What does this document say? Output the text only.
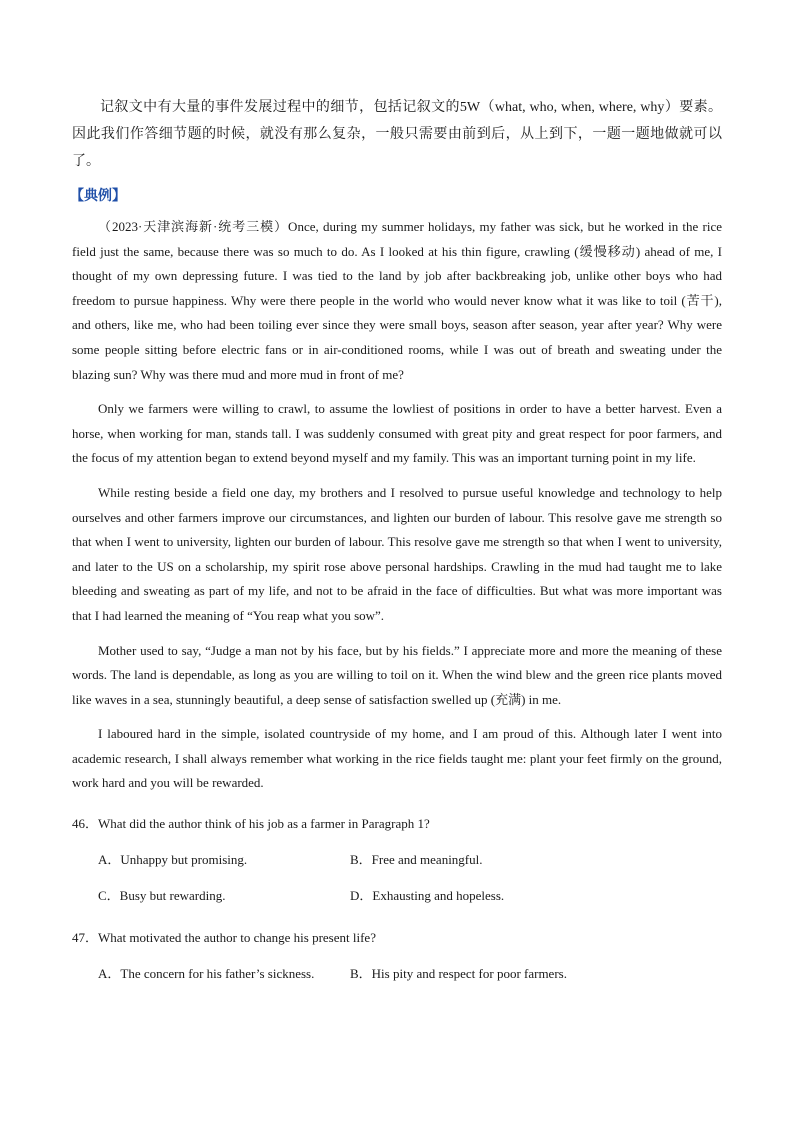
记叙文中有大量的事件发展过程中的细节，包括记叙文的5W（what, who, when, where, why）要素。因此我们作答细节题的时候，就没有那么复杂，一般只需要由前到后，从上到下，一题一题地做就可以了。

【典例】

（2023·天津滨海新·统考三模）Once, during my summer holidays, my father was sick, but he worked in the rice field just the same, because there was so much to do. As I looked at his thin figure, crawling (缓慢移动) ahead of me, I thought of my own depressing future. I was tied to the land by job after backbreaking job, unlike other boys who had freedom to pursue happiness. Why were there people in the world who would never know what it was like to toil (苦干), and others, like me, who had been toiling ever since they were small boys, season after season, year after year? Why were some people sitting before electric fans or in air-conditioned rooms, while I was out of breath and sweating under the blazing sun? Why was there mud and more mud in front of me?

Only we farmers were willing to crawl, to assume the lowliest of positions in order to have a better harvest. Even a horse, when working for man, stands tall. I was suddenly consumed with great pity and great respect for poor farmers, and the focus of my attention began to extend beyond myself and my family. This was an important turning point in my life.

While resting beside a field one day, my brothers and I resolved to pursue useful knowledge and technology to help ourselves and other farmers improve our circumstances, and lighten our burden of labour. This resolve gave me strength so that when I went to university, lighten our burden of labour. This resolve gave me strength so that when I went to university, and later to the US on a scholarship, my spirit rose above personal hardships. Crawling in the mud had taught me to lake bleeding and sweating as part of my life, and not to be afraid in the face of difficulties. But what was more important was that I had learned the meaning of “You reap what you sow”.

Mother used to say, “Judge a man not by his face, but by his fields.” I appreciate more and more the meaning of these words. The land is dependable, as long as you are willing to toil on it. When the wind blew and the green rice plants moved like waves in a sea, stunningly beautiful, a deep sense of satisfaction swelled up (充满) in me.

I laboured hard in the simple, isolated countryside of my home, and I am proud of this. Although later I went into academic research, I shall always remember what working in the rice fields taught me: plant your feet firmly on the ground, work hard and you will be rewarded.

46．What did the author think of his job as a farmer in Paragraph 1?
A．Unhappy but promising.	B．Free and meaningful.
C．Busy but rewarding.	D．Exhausting and hopeless.
47．What motivated the author to change his present life?
A．The concern for his father’s sickness.	B．His pity and respect for poor farmers.
